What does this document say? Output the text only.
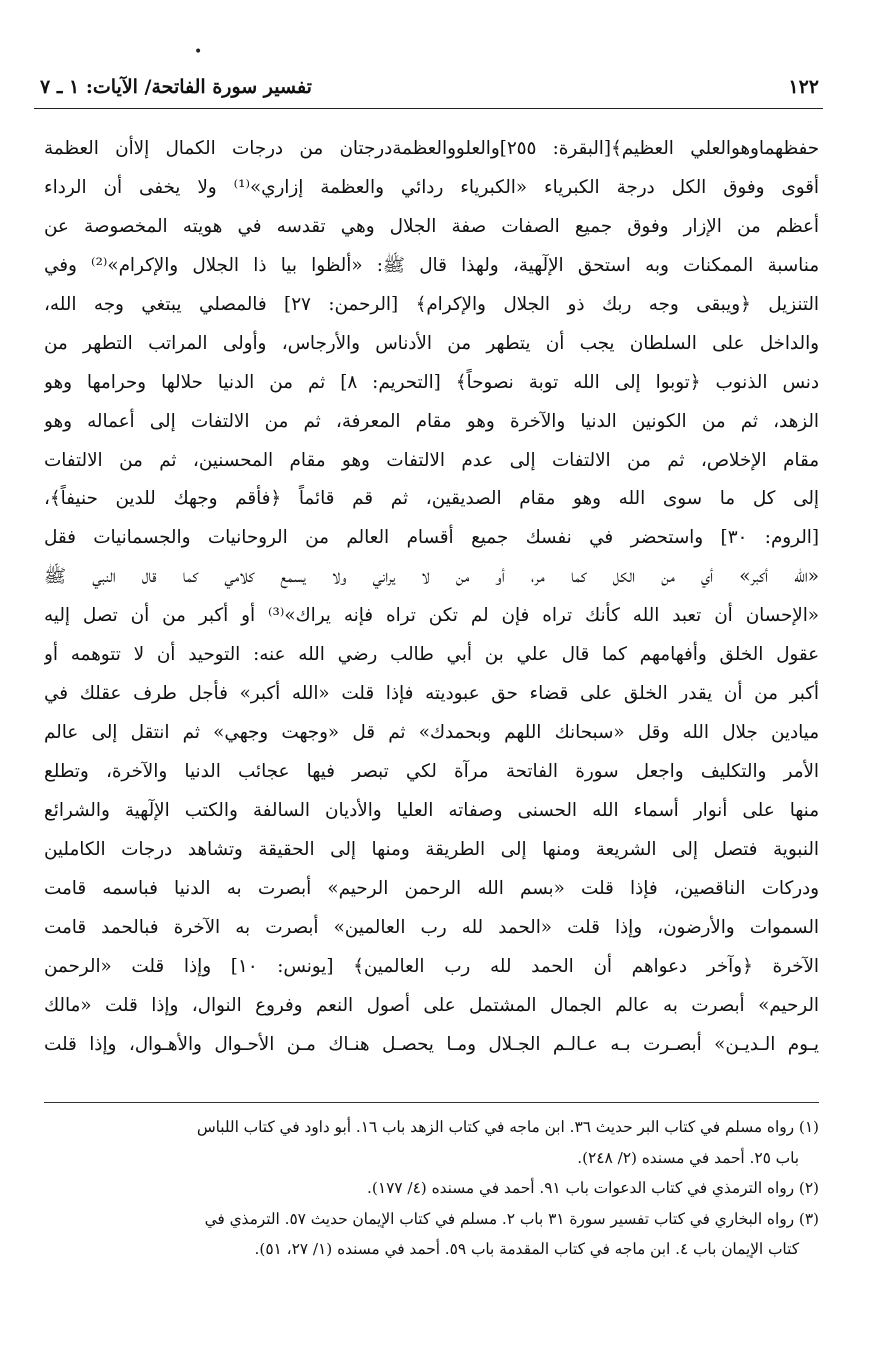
•
١٢٢
تفسير سورة الفاتحة/ الآيات: ١ ـ ٧
حفظهماوهوالعلي العظيم﴾[البقرة: ٢٥٥]والعلووالعظمةدرجتان من درجات الكمال إلاأن العظمة
أقوى وفوق الكل درجة الكبرياء «الكبرياء ردائي والعظمة إزاري»⁽¹⁾ ولا يخفى أن الرداء
أعظم من الإزار وفوق جميع الصفات صفة الجلال وهي تقدسه في هويته المخصوصة عن
مناسبة الممكنات وبه استحق الإلٓهية، ولهذا قال ﷺ: «ألظوا بيا ذا الجلال والإكرام»⁽²⁾ وفي
التنزيل ﴿ويبقى وجه ربك ذو الجلال والإكرام﴾ [الرحمن: ٢٧] فالمصلي يبتغي وجه الله،
والداخل على السلطان يجب أن يتطهر من الأدناس والأرجاس، وأولى المراتب التطهر من
دنس الذنوب ﴿توبوا إلى الله توبة نصوحاً﴾ [التحريم: ٨] ثم من الدنيا حلالها وحرامها وهو
الزهد، ثم من الكونين الدنيا والآخرة وهو مقام المعرفة، ثم من الالتفات إلى أعماله وهو
مقام الإخلاص، ثم من الالتفات إلى عدم الالتفات وهو مقام المحسنين، ثم من الالتفات
إلى كل ما سوى الله وهو مقام الصديقين، ثم قم قائماً ﴿فأقم وجهك للدين حنيفاً﴾،
[الروم: ٣٠] واستحضر في نفسك جميع أقسام العالم من الروحانيات والجسمانيات فقل
«الله أكبر» أي من الكل كما مر، أو من لا يراني ولا يسمع كلامي كما قال النبي ﷺ
«الإحسان أن تعبد الله كأنك تراه فإن لم تكن تراه فإنه يراك»⁽³⁾ أو أكبر من أن تصل إليه
عقول الخلق وأفهامهم كما قال علي بن أبي طالب رضي الله عنه: التوحيد أن لا تتوهمه أو
أكبر من أن يقدر الخلق على قضاء حق عبوديته فإذا قلت «الله أكبر» فأجل طرف عقلك في
ميادين جلال الله وقل «سبحانك اللهم وبحمدك» ثم قل «وجهت وجهي» ثم انتقل إلى عالم
الأمر والتكليف واجعل سورة الفاتحة مرآة لكي تبصر فيها عجائب الدنيا والآخرة، وتطلع
منها على أنوار أسماء الله الحسنى وصفاته العليا والأديان السالفة والكتب الإلٓهية والشرائع
النبوية فتصل إلى الشريعة ومنها إلى الطريقة ومنها إلى الحقيقة وتشاهد درجات الكاملين
ودركات الناقصين، فإذا قلت «بسم الله الرحمن الرحيم» أبصرت به الدنيا فباسمه قامت
السموات والأرضون، وإذا قلت «الحمد لله رب العالمين» أبصرت به الآخرة فبالحمد قامت
الآخرة ﴿وآخر دعواهم أن الحمد لله رب العالمين﴾ [يونس: ١٠] وإذا قلت «الرحمن
الرحيم» أبصرت به عالم الجمال المشتمل على أصول النعم وفروع النوال، وإذا قلت «مالك
يـوم الـديـن» أبصـرت بـه عـالـم الجـلال ومـا يحصـل هنـاك مـن الأحـوال والأهـوال، وإذا قلت
(١) رواه مسلم في كتاب البر حديث ٣٦. ابن ماجه في كتاب الزهد باب ١٦. أبو داود في كتاب اللباس
باب ٢٥. أحمد في مسنده (٢/ ٢٤٨).
(٢) رواه الترمذي في كتاب الدعوات باب ٩١. أحمد في مسنده (٤/ ١٧٧).
(٣) رواه البخاري في كتاب تفسير سورة ٣١ باب ٢. مسلم في كتاب الإيمان حديث ٥٧. الترمذي في
كتاب الإيمان باب ٤. ابن ماجه في كتاب المقدمة باب ٥٩. أحمد في مسنده (١/ ٢٧، ٥١).
